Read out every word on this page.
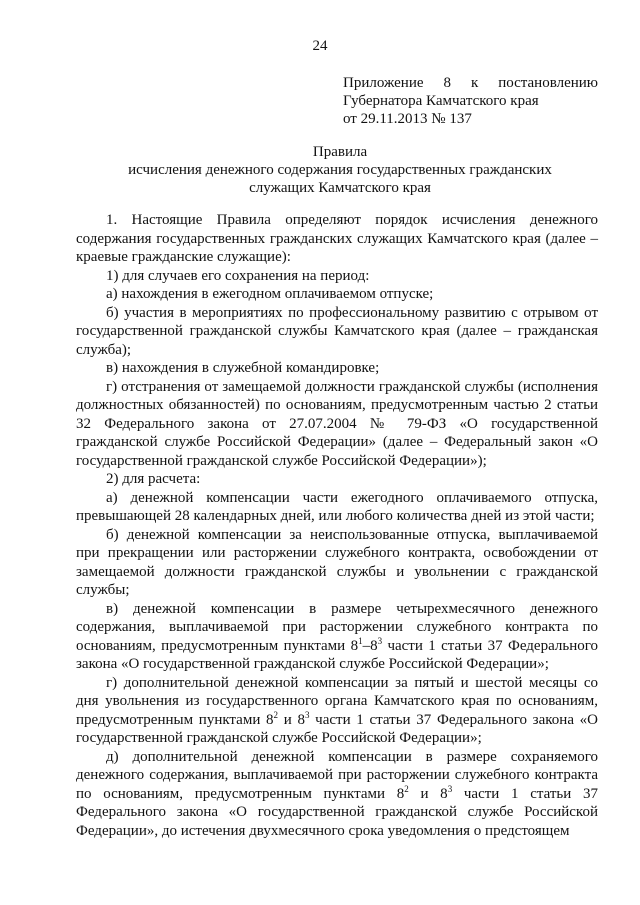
24
Приложение 8 к постановлению
Губернатора Камчатского края
от 29.11.2013 № 137
Правила
исчисления денежного содержания государственных гражданских
служащих Камчатского края

1. Настоящие Правила определяют порядок исчисления денежного содержания государственных гражданских служащих Камчатского края (далее – краевые гражданские служащие):

1) для случаев его сохранения на период:

а) нахождения в ежегодном оплачиваемом отпуске;

б) участия в мероприятиях по профессиональному развитию с отрывом от государственной гражданской службы Камчатского края (далее – гражданская служба);

в) нахождения в служебной командировке;

г) отстранения от замещаемой должности гражданской службы (исполнения должностных обязанностей) по основаниям, предусмотренным частью 2 статьи 32 Федерального закона от 27.07.2004 № 79-ФЗ «О государственной гражданской службе Российской Федерации» (далее – Федеральный закон «О государственной гражданской службе Российской Федерации»);

2) для расчета:

а) денежной компенсации части ежегодного оплачиваемого отпуска, превышающей 28 календарных дней, или любого количества дней из этой части;

б) денежной компенсации за неиспользованные отпуска, выплачиваемой при прекращении или расторжении служебного контракта, освобождении от замещаемой должности гражданской службы и увольнении с гражданской службы;

в) денежной компенсации в размере четырехмесячного денежного содержания, выплачиваемой при расторжении служебного контракта по основаниям, предусмотренным пунктами $8^1-8^3$ части 1 статьи 37 Федерального закона «О государственной гражданской службе Российской Федерации»;

г) дополнительной денежной компенсации за пятый и шестой месяцы со дня увольнения из государственного органа Камчатского края по основаниям, предусмотренным пунктами $8^2$ и $8^3$ части 1 статьи 37 Федерального закона «О государственной гражданской службе Российской Федерации»;

д) дополнительной денежной компенсации в размере сохраняемого денежного содержания, выплачиваемой при расторжении служебного контракта по основаниям, предусмотренным пунктами $8^2$ и $8^3$ части 1 статьи 37 Федерального закона «О государственной гражданской службе Российской Федерации», до истечения двухмесячного срока уведомления о предстоящем
